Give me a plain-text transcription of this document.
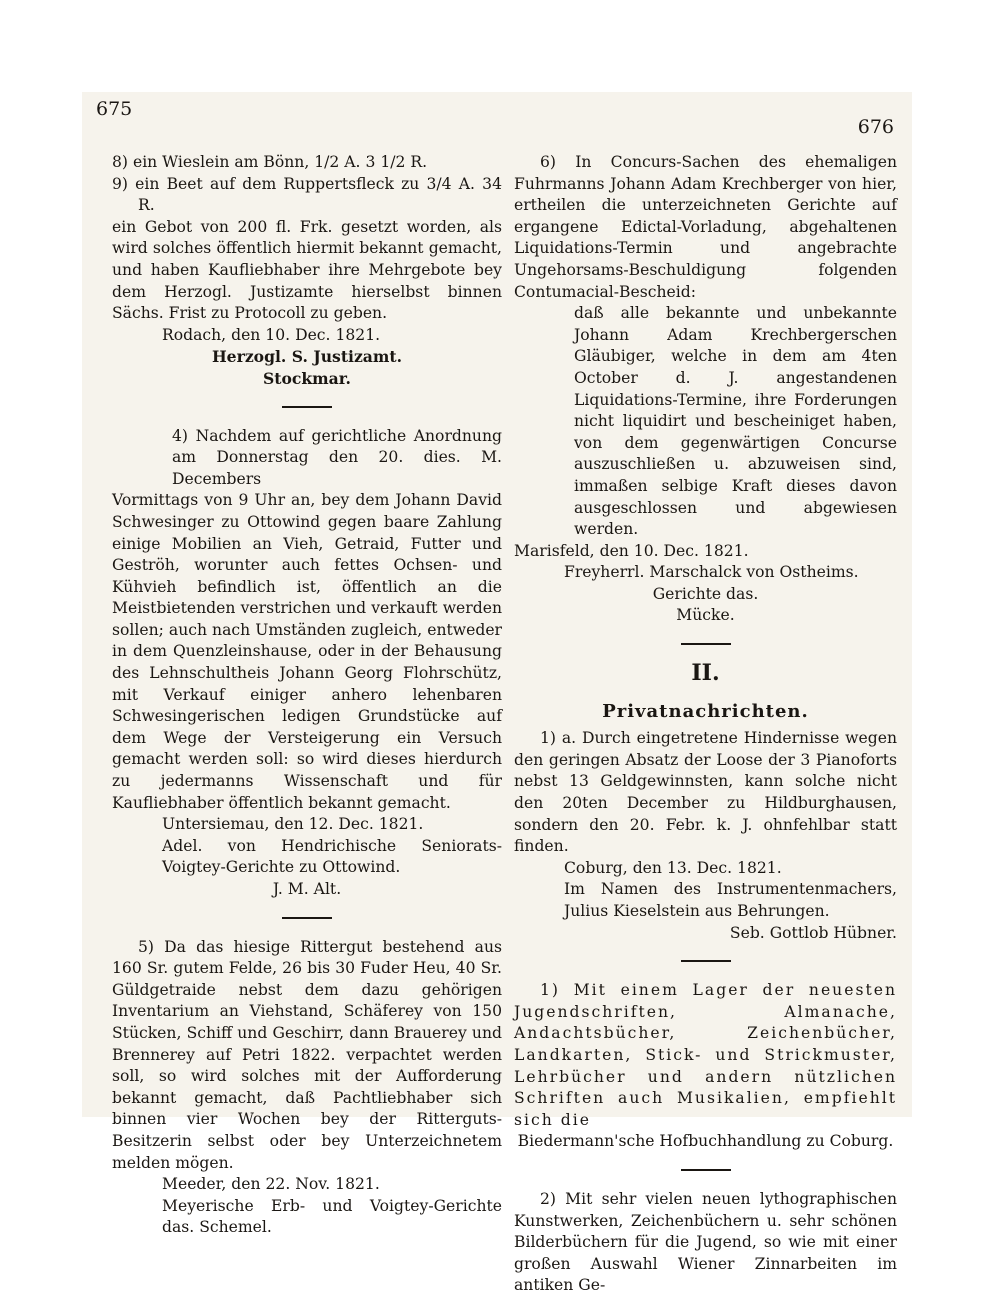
675
676

8) ein Wieslein am Bönn, 1/2 A. 3 1/2 R.

9) ein Beet auf dem Ruppertsfleck zu 3/4 A. 34 R.

ein Gebot von 200 fl. Frk. gesetzt worden, als wird solches öffentlich hiermit bekannt gemacht, und haben Kaufliebhaber ihre Mehrgebote bey dem Herzogl. Justizamte hierselbst binnen Sächs. Frist zu Protocoll zu geben.

Rodach, den 10. Dec. 1821.

Herzogl. S. Justizamt.

Stockmar.

4) Nachdem auf gerichtliche Anordnung am Donnerstag den 20. dies. M. Decembers

Vormittags von 9 Uhr an, bey dem Johann David Schwesinger zu Ottowind gegen baare Zahlung einige Mobilien an Vieh, Getraid, Futter und Geströh, worunter auch fettes Ochsen- und Kühvieh befindlich ist, öffentlich an die Meistbietenden verstrichen und verkauft werden sollen; auch nach Umständen zugleich, entweder in dem Quenzleinshause, oder in der Behausung des Lehnschultheis Johann Georg Flohrschütz, mit Verkauf einiger anhero lehenbaren Schwesingerischen ledigen Grundstücke auf dem Wege der Versteigerung ein Versuch gemacht werden soll: so wird dieses hierdurch zu jedermanns Wissenschaft und für Kaufliebhaber öffentlich bekannt gemacht.

Untersiemau, den 12. Dec. 1821.

Adel. von Hendrichische Seniorats-Voigtey-Gerichte zu Ottowind.

J. M. Alt.

5) Da das hiesige Rittergut bestehend aus 160 Sr. gutem Felde, 26 bis 30 Fuder Heu, 40 Sr. Güldgetraide nebst dem dazu gehörigen Inventarium an Viehstand, Schäferey von 150 Stücken, Schiff und Geschirr, dann Brauerey und Brennerey auf Petri 1822. verpachtet werden soll, so wird solches mit der Aufforderung bekannt gemacht, daß Pachtliebhaber sich binnen vier Wochen bey der Ritterguts-Besitzerin selbst oder bey Unterzeichnetem melden mögen.

Meeder, den 22. Nov. 1821.

Meyerische Erb- und Voigtey-Gerichte das. Schemel.

6) In Concurs-Sachen des ehemaligen Fuhrmanns Johann Adam Krechberger von hier, ertheilen die unterzeichneten Gerichte auf ergangene Edictal-Vorladung, abgehaltenen Liquidations-Termin und angebrachte Ungehorsams-Beschuldigung folgenden Contumacial-Bescheid:

daß alle bekannte und unbekannte Johann Adam Krechbergerschen Gläubiger, welche in dem am 4ten October d. J. angestandenen Liquidations-Termine, ihre Forderungen nicht liquidirt und bescheiniget haben, von dem gegenwärtigen Concurse auszuschließen u. abzuweisen sind, immaßen selbige Kraft dieses davon ausgeschlossen und abgewiesen werden.

Marisfeld, den 10. Dec. 1821.

Freyherrl. Marschalck von Ostheims.

Gerichte das.

Mücke.

II.
Privatnachrichten.

1) a. Durch eingetretene Hindernisse wegen den geringen Absatz der Loose der 3 Pianoforts nebst 13 Geldgewinnsten, kann solche nicht den 20ten December zu Hildburghausen, sondern den 20. Febr. k. J. ohnfehlbar statt finden.

Coburg, den 13. Dec. 1821.

Im Namen des Instrumentenmachers, Julius Kieselstein aus Behrungen.

Seb. Gottlob Hübner.

1) Mit einem Lager der neuesten Jugendschriften, Almanache, Andachtsbücher, Zeichenbücher, Landkarten, Stick- und Strickmuster, Lehrbücher und andern nützlichen Schriften auch Musikalien, empfiehlt sich die

Biedermann'sche Hofbuchhandlung zu Coburg.

2) Mit sehr vielen neuen lythographischen Kunstwerken, Zeichenbüchern u. sehr schönen Bilderbüchern für die Jugend, so wie mit einer großen Auswahl Wiener Zinnarbeiten im antiken Ge-
